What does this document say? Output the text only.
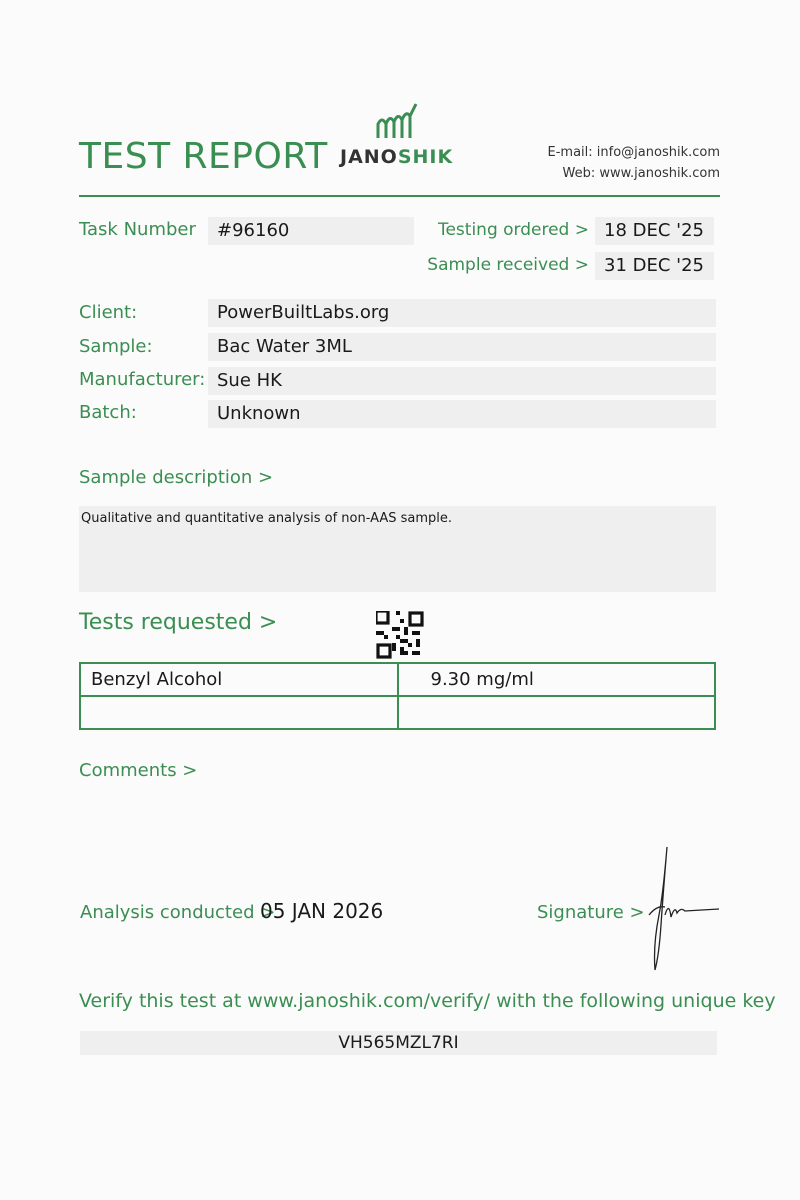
TEST REPORT JANOSHIK	E-mail: info@janoshik.com
Web: www.janoshik.com
Task Number	#96160	Testing ordered > 18 DEC '25
Sample received > 31 DEC '25
Client:	PowerBuiltLabs.org
Sample:	Bac Water 3ML
Manufacturer: Sue HK
Batch:	Unknown
Sample description >
Qualitative and quantitative analysis of non-AAS sample.
Tests requested >
Benzyl Alcohol	9.30 mg/ml

Comments >
Analysis conducted >
05 JAN 2026	Signature >
Verify this test at www.janoshik.com/verify/ with the following unique key
VH565MZL7RI
